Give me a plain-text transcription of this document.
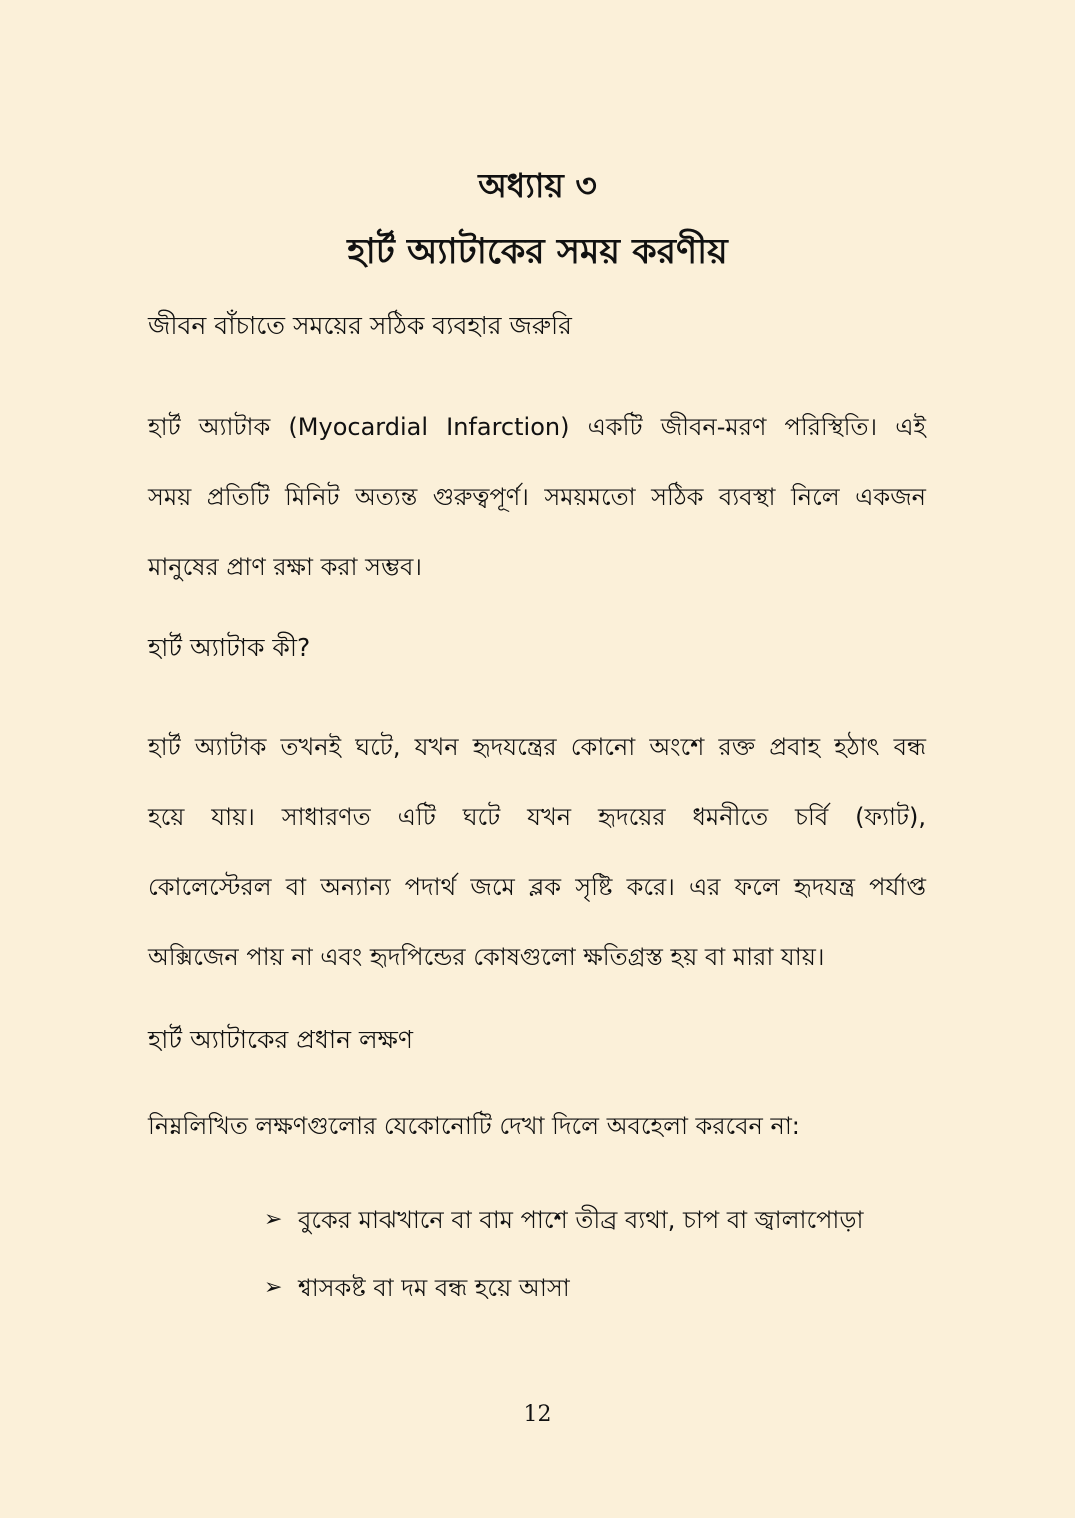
অধ্যায় ৩
হার্ট অ্যাটাকের সময় করণীয়
জীবন বাঁচাতে সময়ের সঠিক ব্যবহার জরুরি
হার্ট অ্যাটাক (Myocardial Infarction) একটি জীবন-মরণ পরিস্থিতি। এই
সময় প্রতিটি মিনিট অত্যন্ত গুরুত্বপূর্ণ। সময়মতো সঠিক ব্যবস্থা নিলে একজন
মানুষের প্রাণ রক্ষা করা সম্ভব।
হার্ট অ্যাটাক কী?
হার্ট অ্যাটাক তখনই ঘটে, যখন হৃদযন্ত্রের কোনো অংশে রক্ত প্রবাহ হঠাৎ বন্ধ
হয়ে যায়। সাধারণত এটি ঘটে যখন হৃদয়ের ধমনীতে চর্বি (ফ্যাট),
কোলেস্টেরল বা অন্যান্য পদার্থ জমে ব্লক সৃষ্টি করে। এর ফলে হৃদযন্ত্র পর্যাপ্ত
অক্সিজেন পায় না এবং হৃদপিন্ডের কোষগুলো ক্ষতিগ্রস্ত হয় বা মারা যায়।
হার্ট অ্যাটাকের প্রধান লক্ষণ
নিম্নলিখিত লক্ষণগুলোর যেকোনোটি দেখা দিলে অবহেলা করবেন না:
➢ বুকের মাঝখানে বা বাম পাশে তীব্র ব্যথা, চাপ বা জ্বালাপোড়া
➢ শ্বাসকষ্ট বা দম বন্ধ হয়ে আসা
12
